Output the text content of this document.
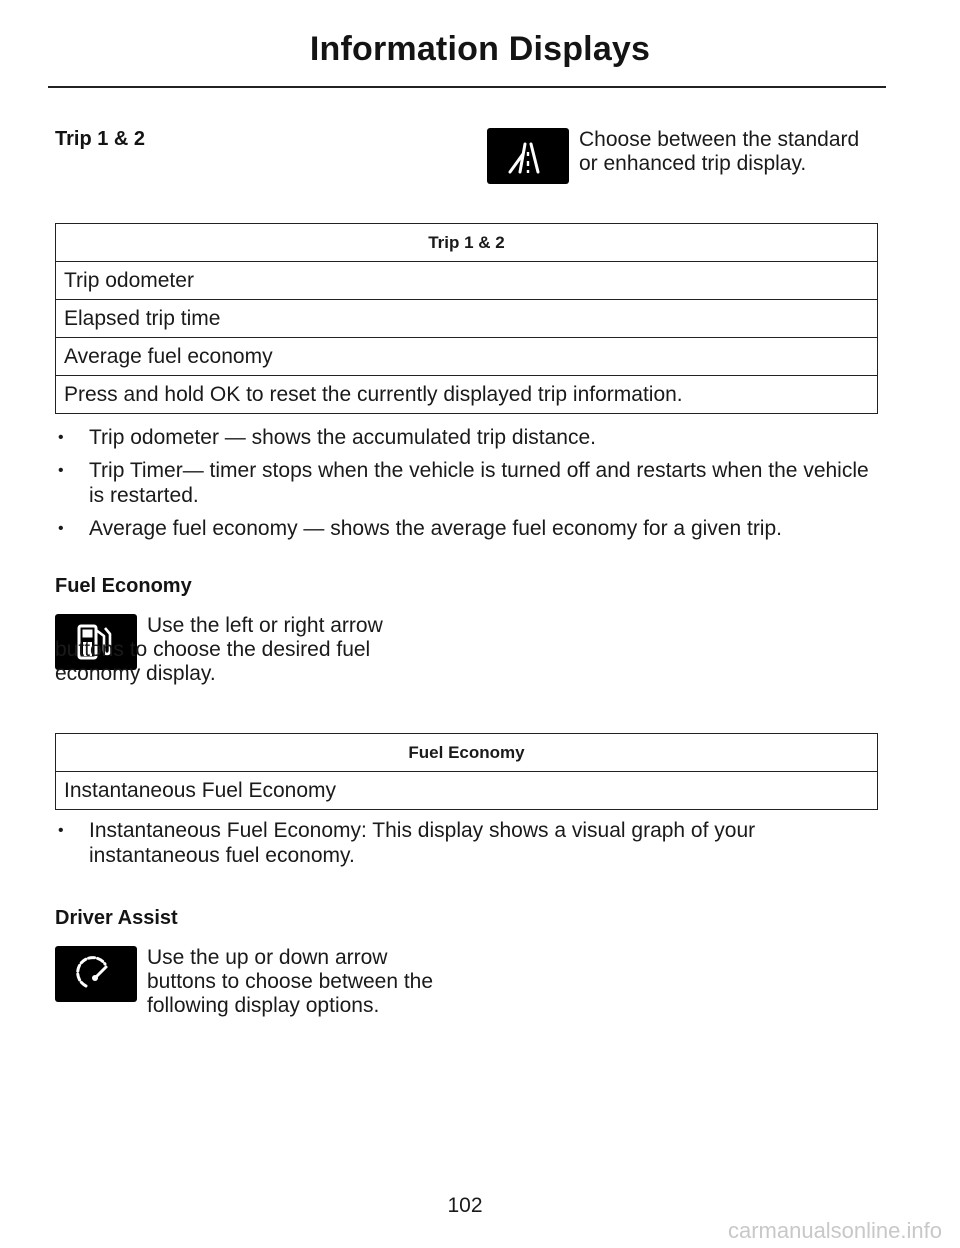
Information Displays
Trip 1 & 2	Choose between the standard or enhanced trip display.
Trip 1 & 2
Trip odometer
Elapsed trip time
Average fuel economy
Press and hold OK to reset the currently displayed trip information.
• Trip odometer — shows the accumulated trip distance.
• Trip Timer— timer stops when the vehicle is turned off and restarts when the vehicle is restarted.
• Average fuel economy — shows the average fuel economy for a given trip.
Fuel Economy
Use the left or right arrow buttons to choose the desired fuel economy display.
Fuel Economy
Instantaneous Fuel Economy
• Instantaneous Fuel Economy: This display shows a visual graph of your instantaneous fuel economy.
Driver Assist
Use the up or down arrow buttons to choose between the following display options.
102
carmanualsonline.info
